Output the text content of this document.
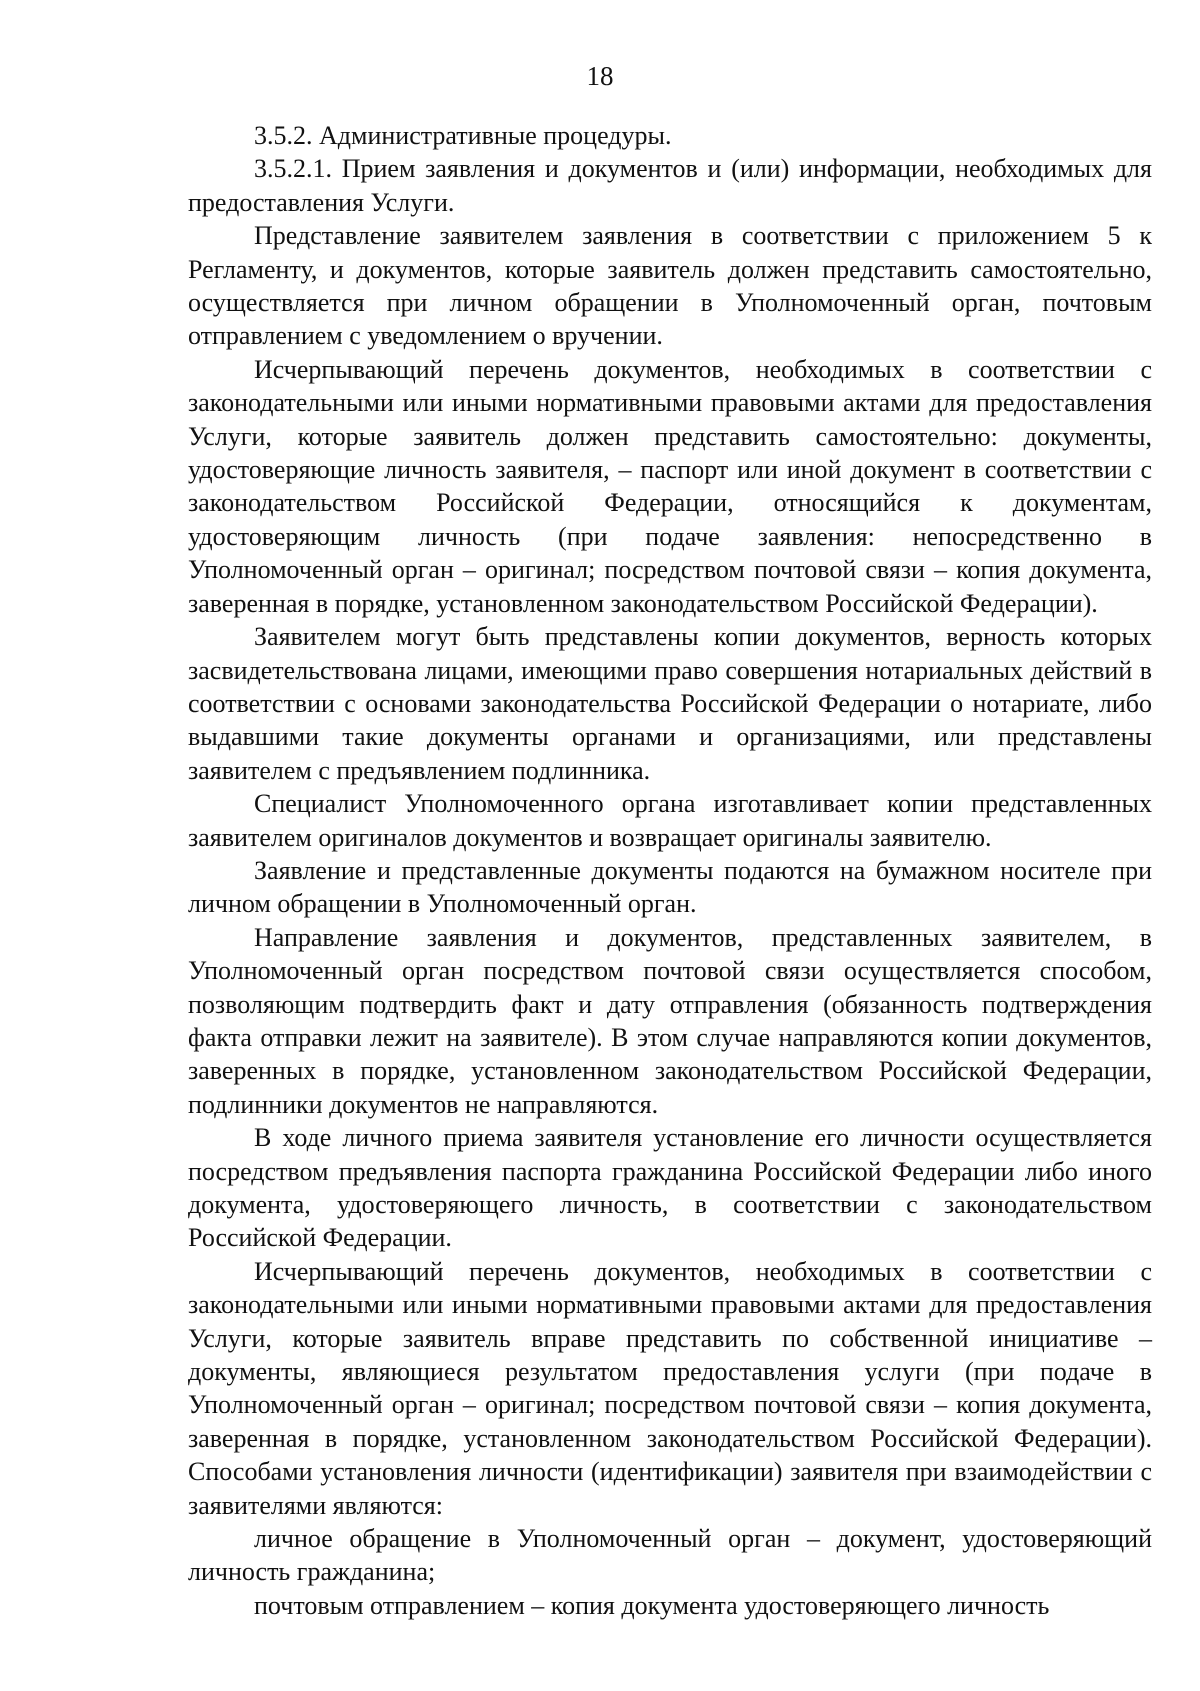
18

3.5.2. Административные процедуры.

3.5.2.1. Прием заявления и документов и (или) информации, необходимых для предоставления Услуги.

Представление заявителем заявления в соответствии с приложением 5 к Регламенту, и документов, которые заявитель должен представить самостоятельно, осуществляется при личном обращении в Уполномоченный орган, почтовым отправлением с уведомлением о вручении.

Исчерпывающий перечень документов, необходимых в соответствии с законодательными или иными нормативными правовыми актами для предоставления Услуги, которые заявитель должен представить самостоятельно: документы, удостоверяющие личность заявителя, – паспорт или иной документ в соответствии с законодательством Российской Федерации, относящийся к документам, удостоверяющим личность (при подаче заявления: непосредственно в Уполномоченный орган – оригинал; посредством почтовой связи – копия документа, заверенная в порядке, установленном законодательством Российской Федерации).

Заявителем могут быть представлены копии документов, верность которых засвидетельствована лицами, имеющими право совершения нотариальных действий в соответствии с основами законодательства Российской Федерации о нотариате, либо выдавшими такие документы органами и организациями, или представлены заявителем с предъявлением подлинника.

Специалист Уполномоченного органа изготавливает копии представленных заявителем оригиналов документов и возвращает оригиналы заявителю.

Заявление и представленные документы подаются на бумажном носителе при личном обращении в Уполномоченный орган.

Направление заявления и документов, представленных заявителем, в Уполномоченный орган посредством почтовой связи осуществляется способом, позволяющим подтвердить факт и дату отправления (обязанность подтверждения факта отправки лежит на заявителе). В этом случае направляются копии документов, заверенных в порядке, установленном законодательством Российской Федерации, подлинники документов не направляются.

В ходе личного приема заявителя установление его личности осуществляется посредством предъявления паспорта гражданина Российской Федерации либо иного документа, удостоверяющего личность, в соответствии с законодательством Российской Федерации.

Исчерпывающий перечень документов, необходимых в соответствии с законодательными или иными нормативными правовыми актами для предоставления Услуги, которые заявитель вправе представить по собственной инициативе – документы, являющиеся результатом предоставления услуги (при подаче в Уполномоченный орган – оригинал; посредством почтовой связи – копия документа, заверенная в порядке, установленном законодательством Российской Федерации). Способами установления личности (идентификации) заявителя при взаимодействии с заявителями являются:

личное обращение в Уполномоченный орган – документ, удостоверяющий личность гражданина;

почтовым отправлением – копия документа удостоверяющего личность
